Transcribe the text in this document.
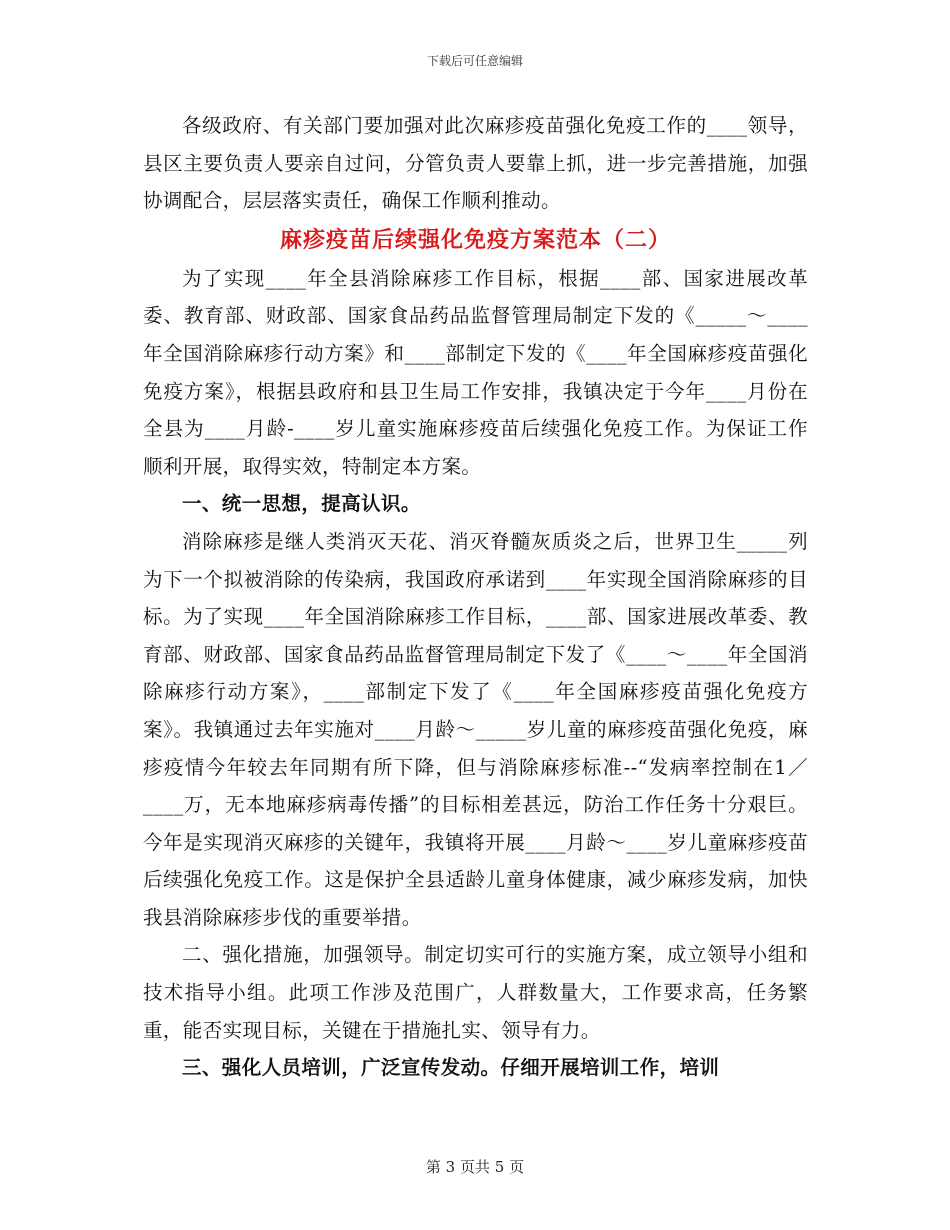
下载后可任意编辑

各级政府、有关部门要加强对此次麻疹疫苗强化免疫工作的____领导，县区主要负责人要亲自过问，分管负责人要靠上抓，进一步完善措施，加强协调配合，层层落实责任，确保工作顺利推动。

麻疹疫苗后续强化免疫方案范本（二）

为了实现____年全县消除麻疹工作目标，根据____部、国家进展改革委、教育部、财政部、国家食品药品监督管理局制定下发的《_____～____年全国消除麻疹行动方案》和____部制定下发的《____年全国麻疹疫苗强化免疫方案》，根据县政府和县卫生局工作安排，我镇决定于今年____月份在全县为____月龄-____岁儿童实施麻疹疫苗后续强化免疫工作。为保证工作顺利开展，取得实效，特制定本方案。

一、统一思想，提高认识。

消除麻疹是继人类消灭天花、消灭脊髓灰质炎之后，世界卫生_____列为下一个拟被消除的传染病，我国政府承诺到____年实现全国消除麻疹的目标。为了实现____年全国消除麻疹工作目标，____部、国家进展改革委、教育部、财政部、国家食品药品监督管理局制定下发了《____～____年全国消除麻疹行动方案》，____部制定下发了《____年全国麻疹疫苗强化免疫方案》。我镇通过去年实施对____月龄～_____岁儿童的麻疹疫苗强化免疫，麻疹疫情今年较去年同期有所下降，但与消除麻疹标准--“发病率控制在1／____万，无本地麻疹病毒传播”的目标相差甚远，防治工作任务十分艰巨。今年是实现消灭麻疹的关键年，我镇将开展____月龄～____岁儿童麻疹疫苗后续强化免疫工作。这是保护全县适龄儿童身体健康，减少麻疹发病，加快我县消除麻疹步伐的重要举措。

二、强化措施，加强领导。制定切实可行的实施方案，成立领导小组和技术指导小组。此项工作涉及范围广，人群数量大，工作要求高，任务繁重，能否实现目标，关键在于措施扎实、领导有力。

三、强化人员培训，广泛宣传发动。仔细开展培训工作，培训

第 3 页共 5 页
